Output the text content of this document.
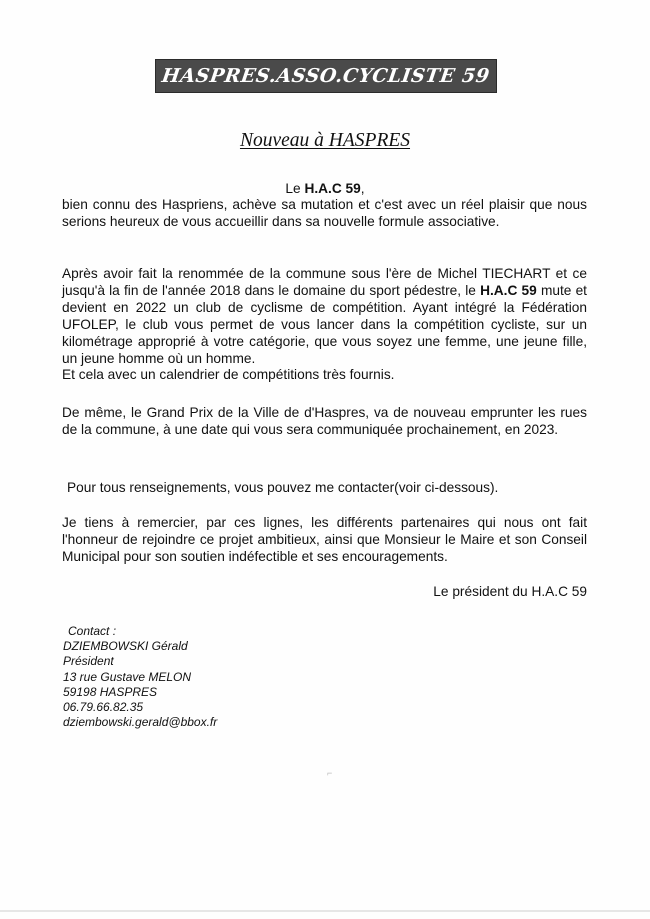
HASPRES.ASSO.CYCLISTE 59
Nouveau à HASPRES
Le H.A.C 59,
bien connu des Haspriens, achève sa mutation et c'est avec un réel plaisir que nous serions heureux de vous accueillir dans sa nouvelle formule associative.
Après avoir fait la renommée de la commune sous l'ère de Michel TIECHART et ce jusqu'à la fin de l'année 2018 dans le domaine du sport pédestre, le H.A.C 59 mute et devient en 2022 un club de cyclisme de compétition. Ayant intégré la Fédération UFOLEP, le club vous permet de vous lancer dans la compétition cycliste, sur un kilométrage approprié à votre catégorie, que vous soyez une femme, une jeune fille, un jeune homme où un homme.
Et cela avec un calendrier de compétitions très fournis.
De même, le Grand Prix de la Ville de d'Haspres, va de nouveau emprunter les rues de la commune, à une date qui vous sera communiquée prochainement, en 2023.
Pour tous renseignements, vous pouvez me contacter(voir ci-dessous).
Je tiens à remercier, par ces lignes, les différents partenaires qui nous ont fait l'honneur de rejoindre ce projet ambitieux, ainsi que Monsieur le Maire et son Conseil Municipal pour son soutien indéfectible et ses encouragements.
Le président du H.A.C 59
Contact :
DZIEMBOWSKI Gérald
Président
13 rue Gustave MELON
59198 HASPRES
06.79.66.82.35
dziembowski.gerald@bbox.fr
⌐
